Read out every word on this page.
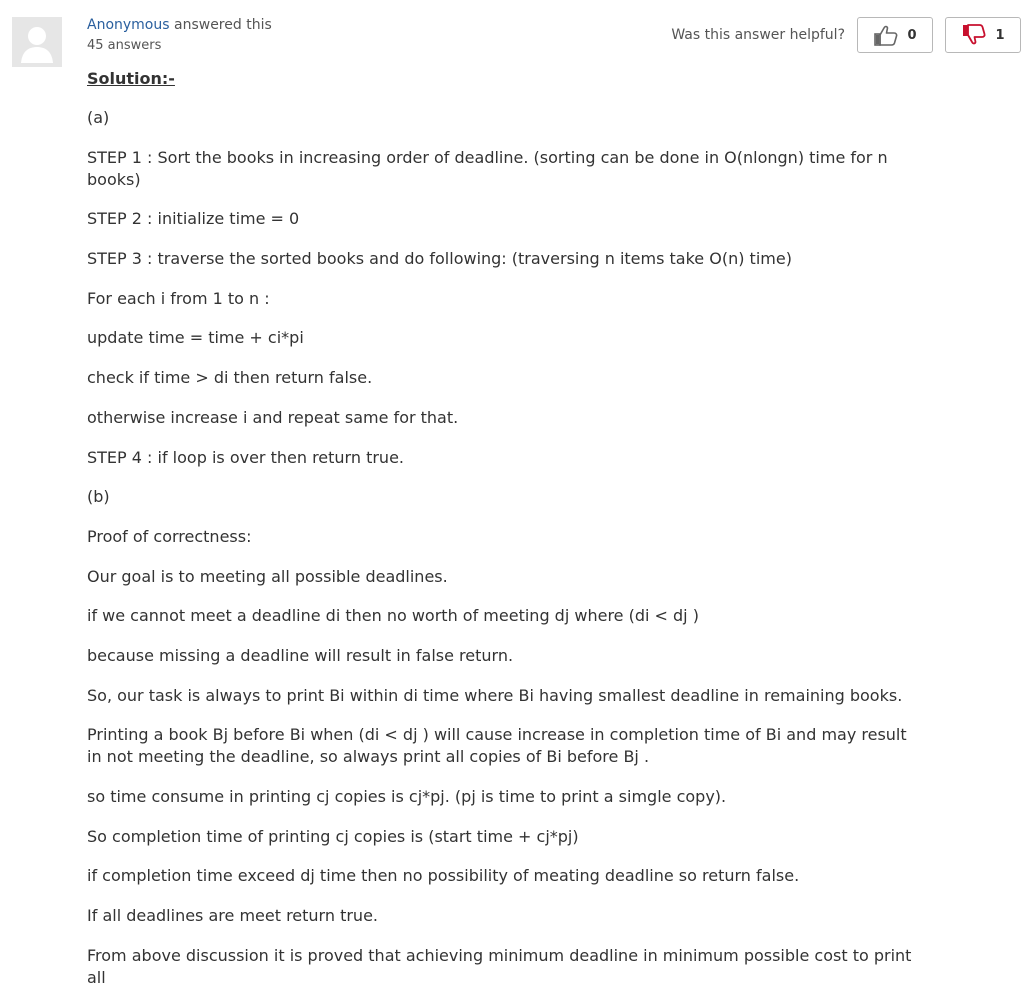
Anonymous answered this
45 answers
Was this answer helpful?	0	1
Solution:-

(a)

STEP 1 : Sort the books in increasing order of deadline. (sorting can be done in O(nlongn) time for n books)

STEP 2 : initialize time = 0

STEP 3 : traverse the sorted books and do following: (traversing n items take O(n) time)

For each i from 1 to n :

update time = time + ci*pi

check if time > di then return false.

otherwise increase i and repeat same for that.

STEP 4 : if loop is over then return true.

(b)

Proof of correctness:

Our goal is to meeting all possible deadlines.

if we cannot meet a deadline di then no worth of meeting dj where (di < dj )

because missing a deadline will result in false return.

So, our task is always to print Bi within di time where Bi having smallest deadline in remaining books.

Printing a book Bj before Bi when (di < dj ) will cause increase in completion time of Bi and may result in not meeting the deadline, so always print all copies of Bi before Bj .

so time consume in printing cj copies is cj*pj. (pj is time to print a simgle copy).

So completion time of printing cj copies is (start time + cj*pj)

if completion time exceed dj time then no possibility of meating deadline so return false.

If all deadlines are meet return true.

From above discussion it is proved that achieving minimum deadline in minimum possible cost to print all
